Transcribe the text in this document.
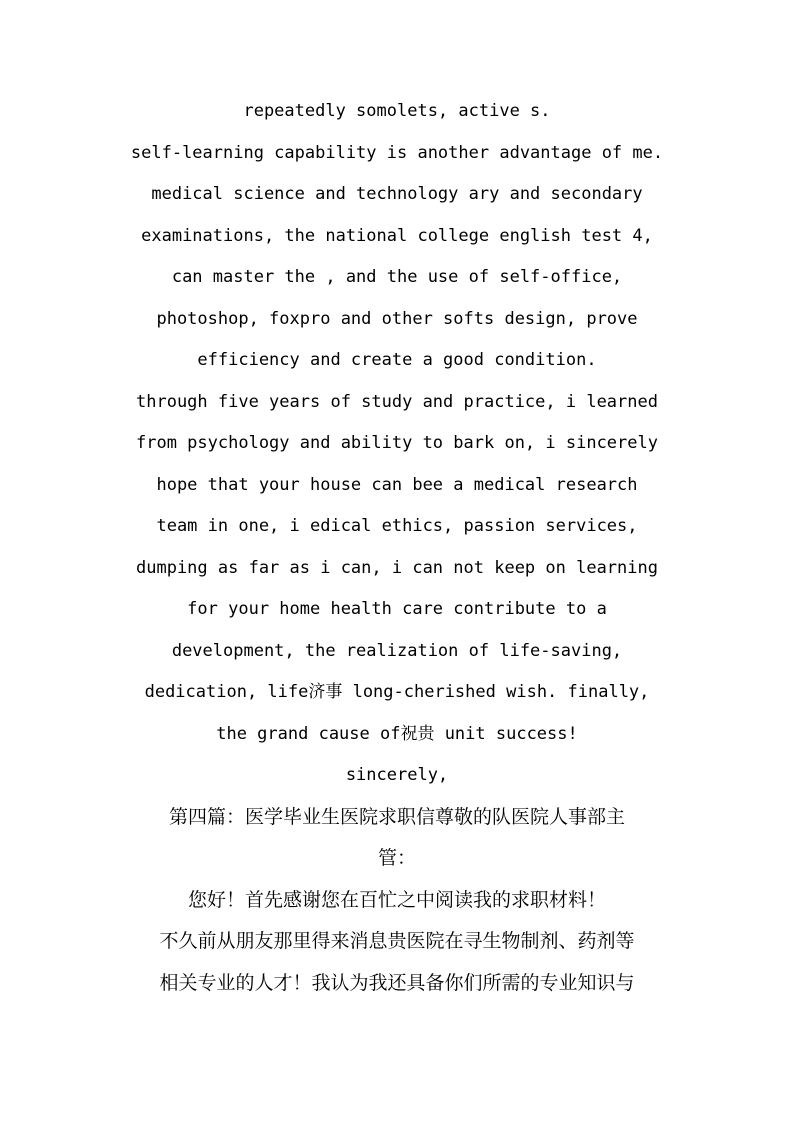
repeatedly somolets, active s.
self-learning capability is another advantage of me.
medical science and technology ary and secondary
examinations, the national college english test 4,
can master the , and the use of self-office,
photoshop, foxpro and other softs design, prove
efficiency and create a good condition.
through five years of study and practice, i learned
from psychology and ability to bark on, i sincerely
hope that your house can bee a medical research
team in one, i edical ethics, passion services,
dumping as far as i can, i can not keep on learning
for your home health care contribute to a
development, the realization of life-saving,
dedication, life济事 long-cherished wish. finally,
the grand cause of祝贵 unit success!
sincerely,
第四篇：医学毕业生医院求职信尊敬的队医院人事部主
管：
您好！首先感谢您在百忙之中阅读我的求职材料！
不久前从朋友那里得来消息贵医院在寻生物制剂、药剂等
相关专业的人才！我认为我还具备你们所需的专业知识与
